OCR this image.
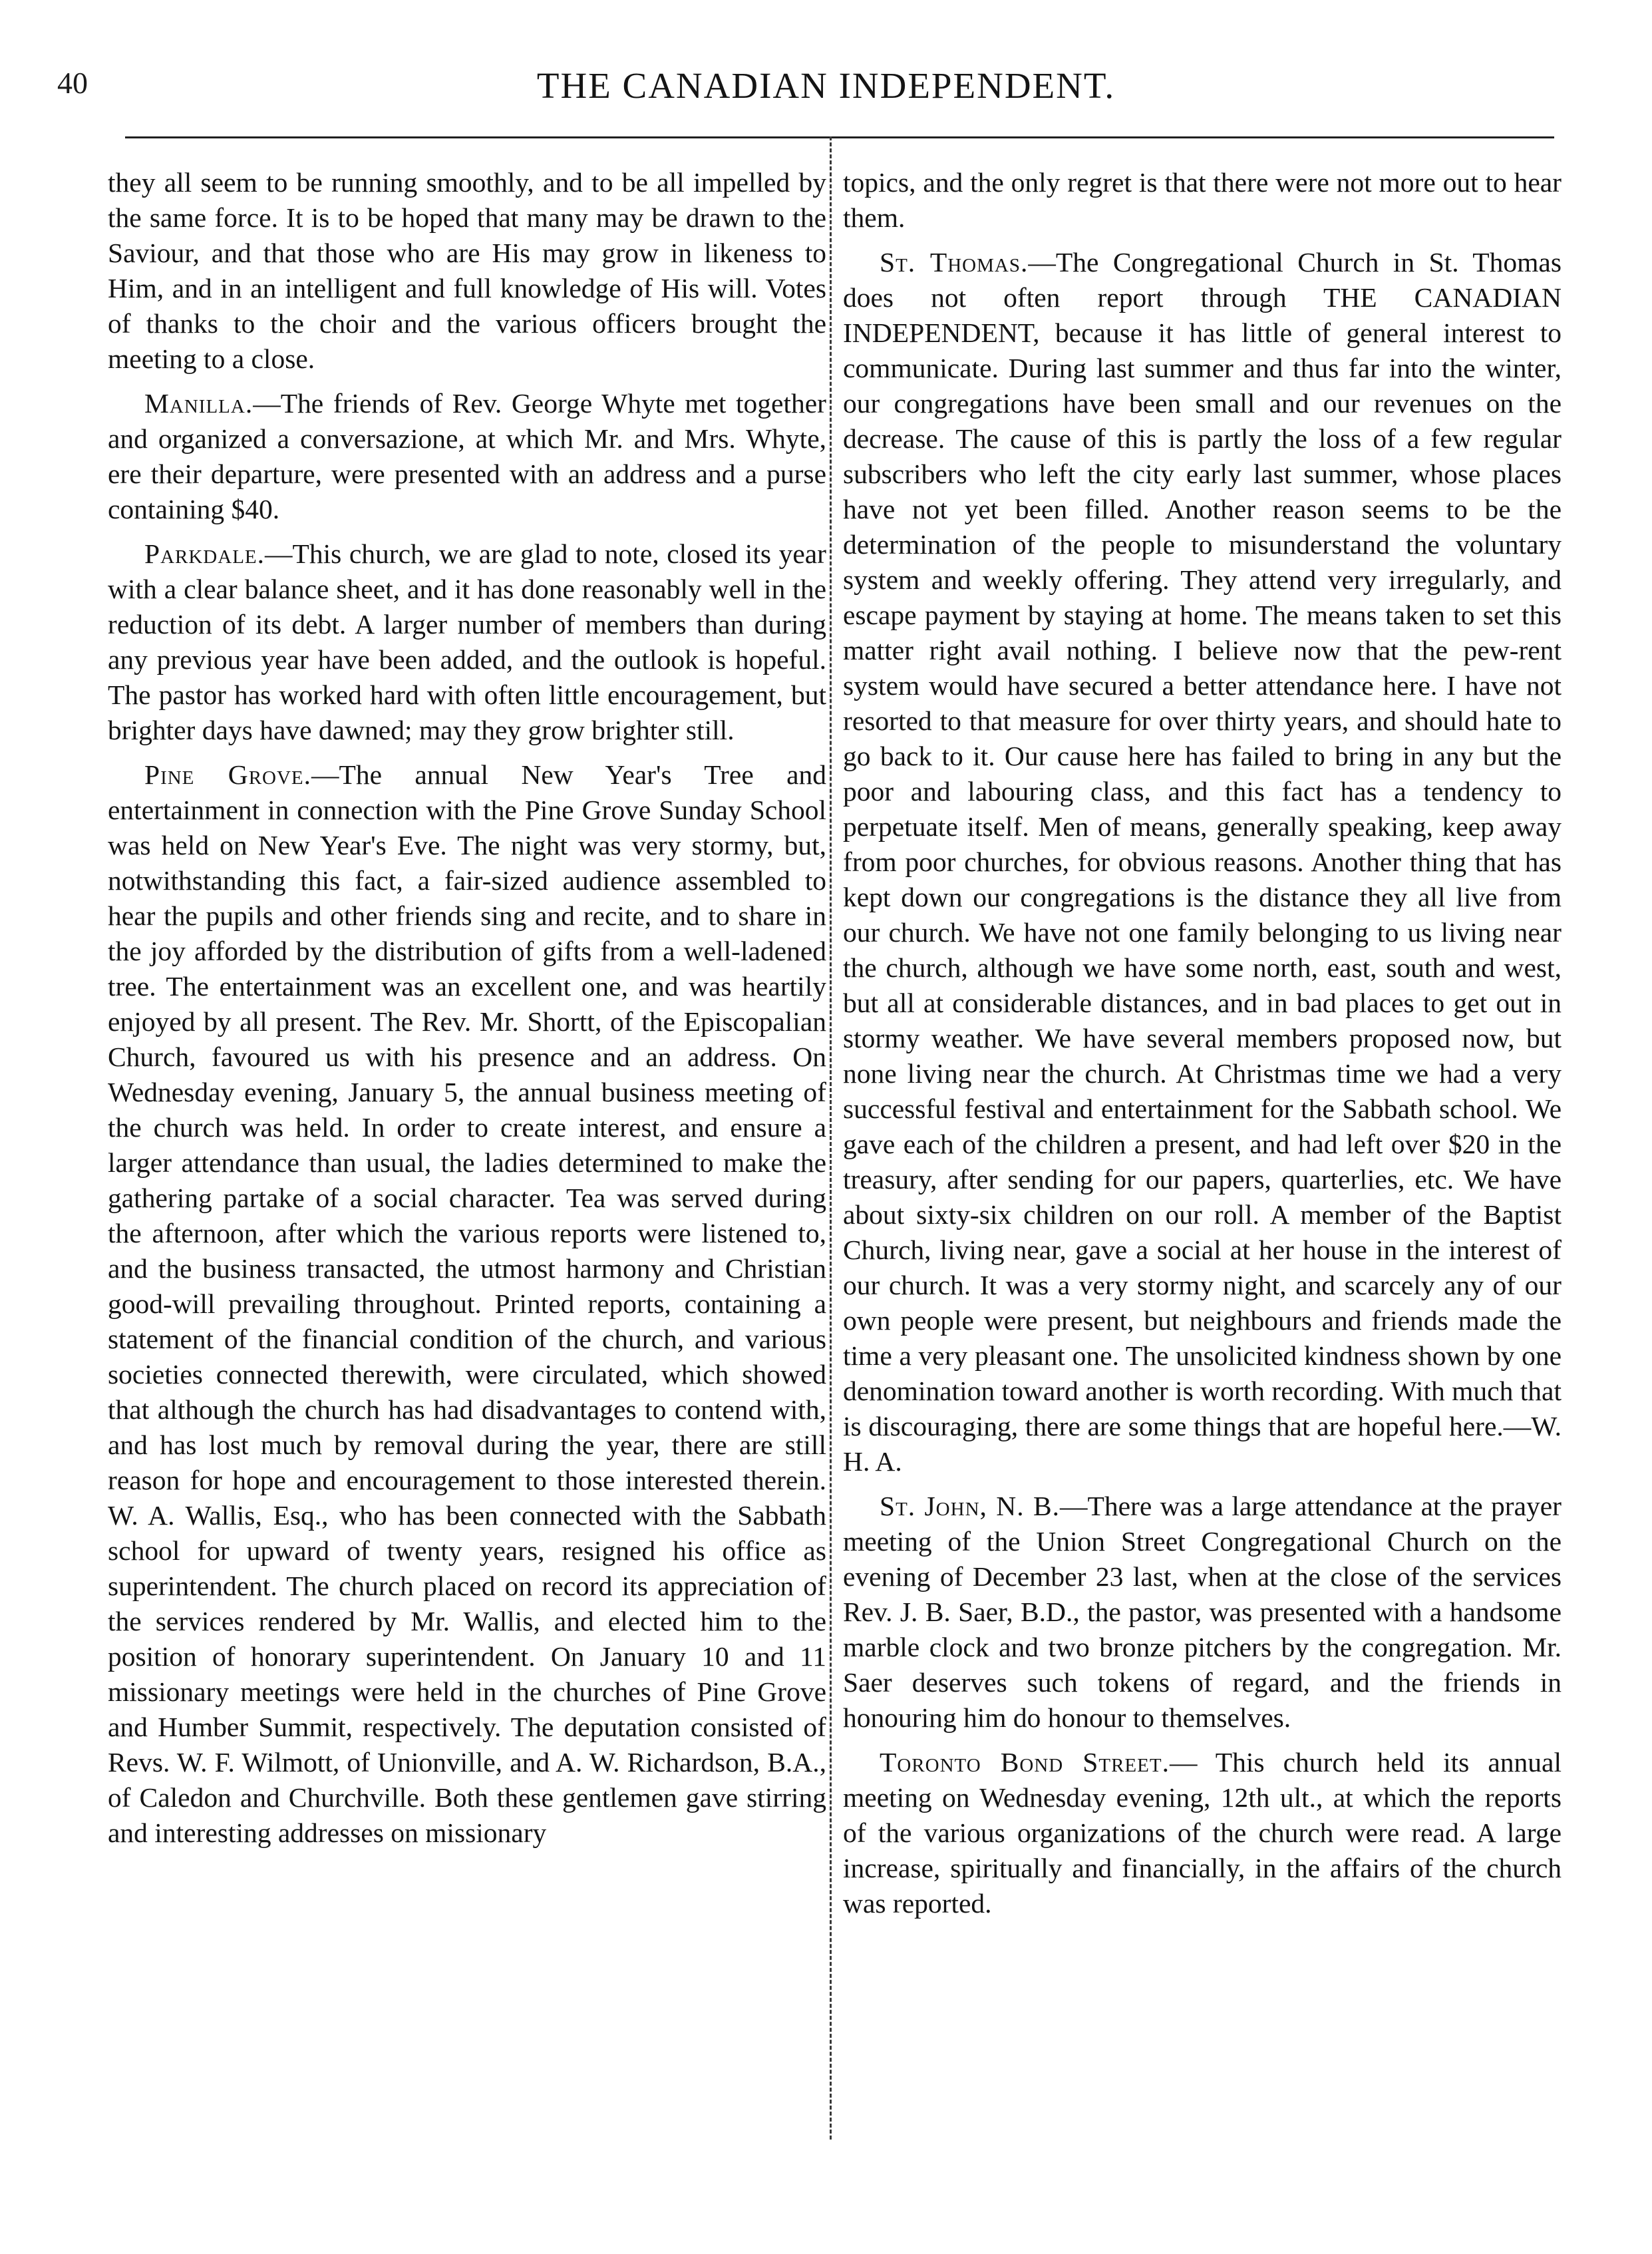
40	THE CANADIAN INDEPENDENT.

they all seem to be running smoothly, and to be all impelled by the same force. It is to be hoped that many may be drawn to the Saviour, and that those who are His may grow in likeness to Him, and in an intelligent and full knowledge of His will. Votes of thanks to the choir and the various officers brought the meeting to a close.

Manilla.—The friends of Rev. George Whyte met together and organized a conversazione, at which Mr. and Mrs. Whyte, ere their departure, were presented with an address and a purse containing $40.

Parkdale.—This church, we are glad to note, closed its year with a clear balance sheet, and it has done reasonably well in the reduction of its debt. A larger number of members than during any previous year have been added, and the outlook is hopeful. The pastor has worked hard with often little encouragement, but brighter days have dawned; may they grow brighter still.

Pine Grove.—The annual New Year's Tree and entertainment in connection with the Pine Grove Sunday School was held on New Year's Eve. The night was very stormy, but, notwithstanding this fact, a fair-sized audience assembled to hear the pupils and other friends sing and recite, and to share in the joy afforded by the distribution of gifts from a well-ladened tree. The entertainment was an excellent one, and was heartily enjoyed by all present. The Rev. Mr. Shortt, of the Episcopalian Church, favoured us with his presence and an address. On Wednesday evening, January 5, the annual business meeting of the church was held. In order to create interest, and ensure a larger attendance than usual, the ladies determined to make the gathering partake of a social character. Tea was served during the afternoon, after which the various reports were listened to, and the business transacted, the utmost harmony and Christian good-will prevailing throughout. Printed reports, containing a statement of the financial condition of the church, and various societies connected therewith, were circulated, which showed that although the church has had disadvantages to contend with, and has lost much by removal during the year, there are still reason for hope and encouragement to those interested therein. W. A. Wallis, Esq., who has been connected with the Sabbath school for upward of twenty years, resigned his office as superintendent. The church placed on record its appreciation of the services rendered by Mr. Wallis, and elected him to the position of honorary superintendent. On January 10 and 11 missionary meetings were held in the churches of Pine Grove and Humber Summit, respectively. The deputation consisted of Revs. W. F. Wilmott, of Unionville, and A. W. Richardson, B.A., of Caledon and Churchville. Both these gentlemen gave stirring and interesting addresses on missionary

topics, and the only regret is that there were not more out to hear them.

St. Thomas.—The Congregational Church in St. Thomas does not often report through THE CANADIAN INDEPENDENT, because it has little of general interest to communicate. During last summer and thus far into the winter, our congregations have been small and our revenues on the decrease. The cause of this is partly the loss of a few regular subscribers who left the city early last summer, whose places have not yet been filled. Another reason seems to be the determination of the people to misunderstand the voluntary system and weekly offering. They attend very irregularly, and escape payment by staying at home. The means taken to set this matter right avail nothing. I believe now that the pew-rent system would have secured a better attendance here. I have not resorted to that measure for over thirty years, and should hate to go back to it. Our cause here has failed to bring in any but the poor and labouring class, and this fact has a tendency to perpetuate itself. Men of means, generally speaking, keep away from poor churches, for obvious reasons. Another thing that has kept down our congregations is the distance they all live from our church. We have not one family belonging to us living near the church, although we have some north, east, south and west, but all at considerable distances, and in bad places to get out in stormy weather. We have several members proposed now, but none living near the church. At Christmas time we had a very successful festival and entertainment for the Sabbath school. We gave each of the children a present, and had left over $20 in the treasury, after sending for our papers, quarterlies, etc. We have about sixty-six children on our roll. A member of the Baptist Church, living near, gave a social at her house in the interest of our church. It was a very stormy night, and scarcely any of our own people were present, but neighbours and friends made the time a very pleasant one. The unsolicited kindness shown by one denomination toward another is worth recording. With much that is discouraging, there are some things that are hopeful here.—W. H. A.

St. John, N. B.—There was a large attendance at the prayer meeting of the Union Street Congregational Church on the evening of December 23 last, when at the close of the services Rev. J. B. Saer, B.D., the pastor, was presented with a handsome marble clock and two bronze pitchers by the congregation. Mr. Saer deserves such tokens of regard, and the friends in honouring him do honour to themselves.

Toronto Bond Street.— This church held its annual meeting on Wednesday evening, 12th ult., at which the reports of the various organizations of the church were read. A large increase, spiritually and financially, in the affairs of the church was reported.
